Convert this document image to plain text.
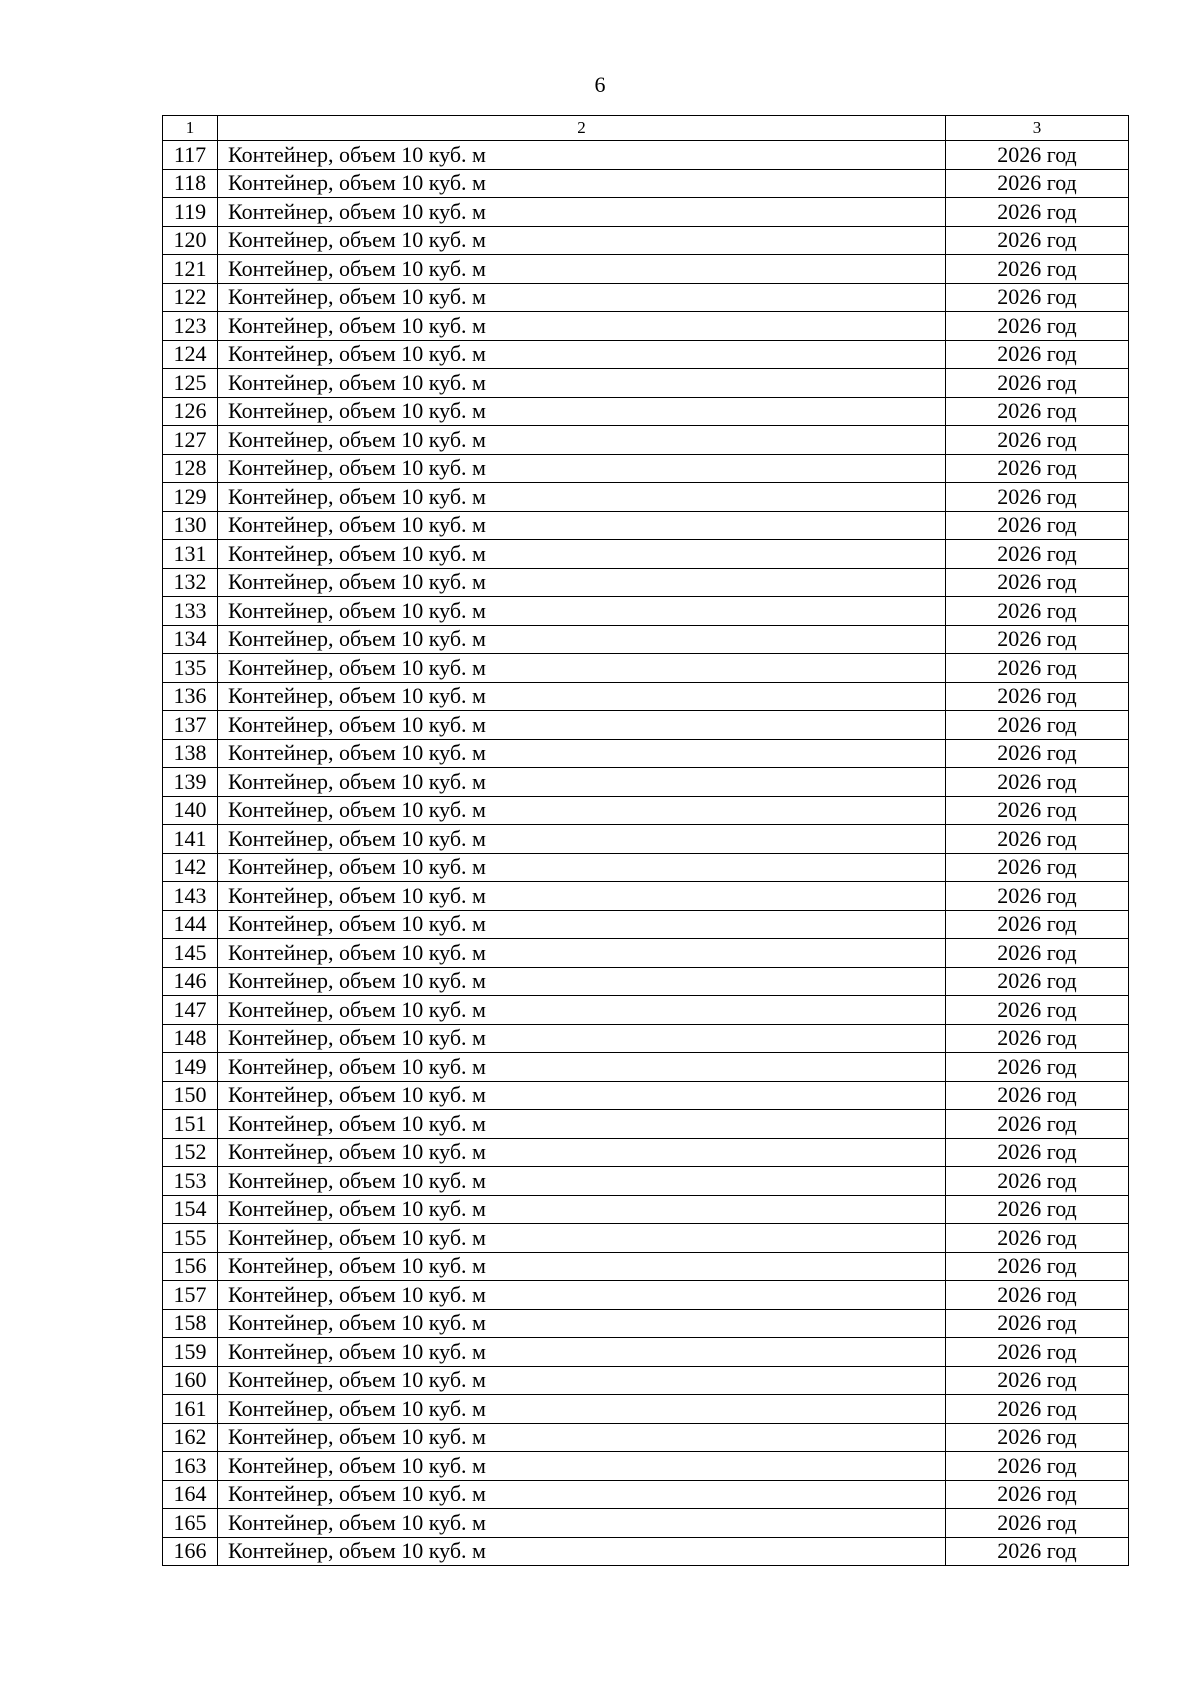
6
1	2	3
117	Контейнер, объем 10 куб. м	2026 год
118	Контейнер, объем 10 куб. м	2026 год
119	Контейнер, объем 10 куб. м	2026 год
120	Контейнер, объем 10 куб. м	2026 год
121	Контейнер, объем 10 куб. м	2026 год
122	Контейнер, объем 10 куб. м	2026 год
123	Контейнер, объем 10 куб. м	2026 год
124	Контейнер, объем 10 куб. м	2026 год
125	Контейнер, объем 10 куб. м	2026 год
126	Контейнер, объем 10 куб. м	2026 год
127	Контейнер, объем 10 куб. м	2026 год
128	Контейнер, объем 10 куб. м	2026 год
129	Контейнер, объем 10 куб. м	2026 год
130	Контейнер, объем 10 куб. м	2026 год
131	Контейнер, объем 10 куб. м	2026 год
132	Контейнер, объем 10 куб. м	2026 год
133	Контейнер, объем 10 куб. м	2026 год
134	Контейнер, объем 10 куб. м	2026 год
135	Контейнер, объем 10 куб. м	2026 год
136	Контейнер, объем 10 куб. м	2026 год
137	Контейнер, объем 10 куб. м	2026 год
138	Контейнер, объем 10 куб. м	2026 год
139	Контейнер, объем 10 куб. м	2026 год
140	Контейнер, объем 10 куб. м	2026 год
141	Контейнер, объем 10 куб. м	2026 год
142	Контейнер, объем 10 куб. м	2026 год
143	Контейнер, объем 10 куб. м	2026 год
144	Контейнер, объем 10 куб. м	2026 год
145	Контейнер, объем 10 куб. м	2026 год
146	Контейнер, объем 10 куб. м	2026 год
147	Контейнер, объем 10 куб. м	2026 год
148	Контейнер, объем 10 куб. м	2026 год
149	Контейнер, объем 10 куб. м	2026 год
150	Контейнер, объем 10 куб. м	2026 год
151	Контейнер, объем 10 куб. м	2026 год
152	Контейнер, объем 10 куб. м	2026 год
153	Контейнер, объем 10 куб. м	2026 год
154	Контейнер, объем 10 куб. м	2026 год
155	Контейнер, объем 10 куб. м	2026 год
156	Контейнер, объем 10 куб. м	2026 год
157	Контейнер, объем 10 куб. м	2026 год
158	Контейнер, объем 10 куб. м	2026 год
159	Контейнер, объем 10 куб. м	2026 год
160	Контейнер, объем 10 куб. м	2026 год
161	Контейнер, объем 10 куб. м	2026 год
162	Контейнер, объем 10 куб. м	2026 год
163	Контейнер, объем 10 куб. м	2026 год
164	Контейнер, объем 10 куб. м	2026 год
165	Контейнер, объем 10 куб. м	2026 год
166	Контейнер, объем 10 куб. м	2026 год
